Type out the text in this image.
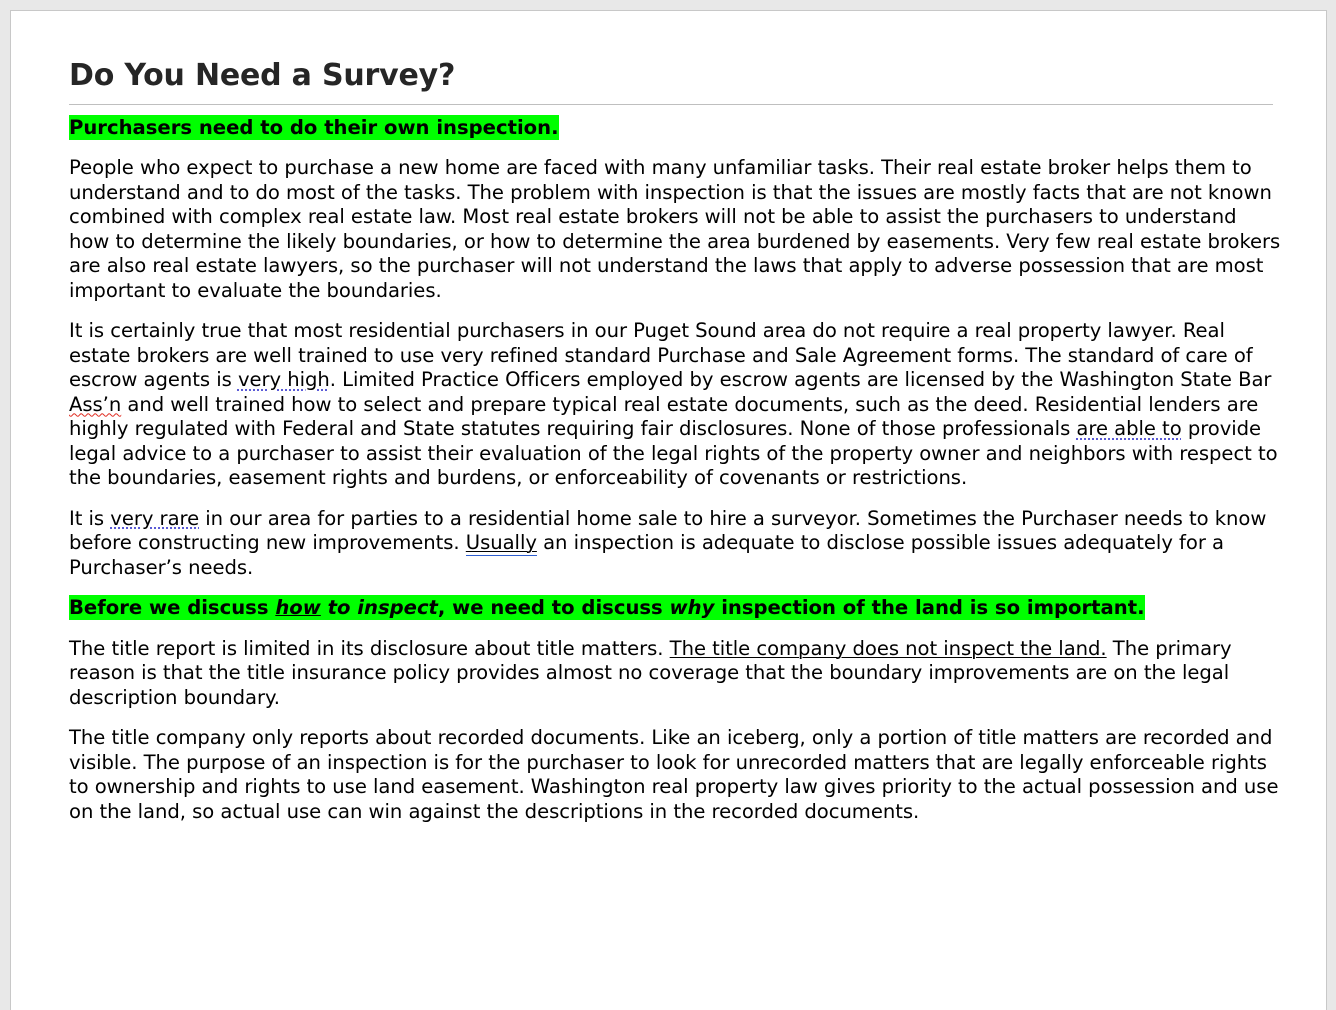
Do You Need a Survey?

Purchasers need to do their own inspection.

People who expect to purchase a new home are faced with many unfamiliar tasks. Their real estate broker helps them to understand and to do most of the tasks. The problem with inspection is that the issues are mostly facts that are not known combined with complex real estate law. Most real estate brokers will not be able to assist the purchasers to understand how to determine the likely boundaries, or how to determine the area burdened by easements. Very few real estate brokers are also real estate lawyers, so the purchaser will not understand the laws that apply to adverse possession that are most important to evaluate the boundaries.

It is certainly true that most residential purchasers in our Puget Sound area do not require a real property lawyer. Real estate brokers are well trained to use very refined standard Purchase and Sale Agreement forms. The standard of care of escrow agents is very high. Limited Practice Officers employed by escrow agents are licensed by the Washington State Bar Ass’n and well trained how to select and prepare typical real estate documents, such as the deed. Residential lenders are highly regulated with Federal and State statutes requiring fair disclosures. None of those professionals are able to provide legal advice to a purchaser to assist their evaluation of the legal rights of the property owner and neighbors with respect to the boundaries, easement rights and burdens, or enforceability of covenants or restrictions.

It is very rare in our area for parties to a residential home sale to hire a surveyor. Sometimes the Purchaser needs to know before constructing new improvements. Usually an inspection is adequate to disclose possible issues adequately for a Purchaser’s needs.

Before we discuss how to inspect, we need to discuss why inspection of the land is so important.

The title report is limited in its disclosure about title matters. The title company does not inspect the land. The primary reason is that the title insurance policy provides almost no coverage that the boundary improvements are on the legal description boundary.

The title company only reports about recorded documents. Like an iceberg, only a portion of title matters are recorded and visible. The purpose of an inspection is for the purchaser to look for unrecorded matters that are legally enforceable rights to ownership and rights to use land easement. Washington real property law gives priority to the actual possession and use on the land, so actual use can win against the descriptions in the recorded documents.
